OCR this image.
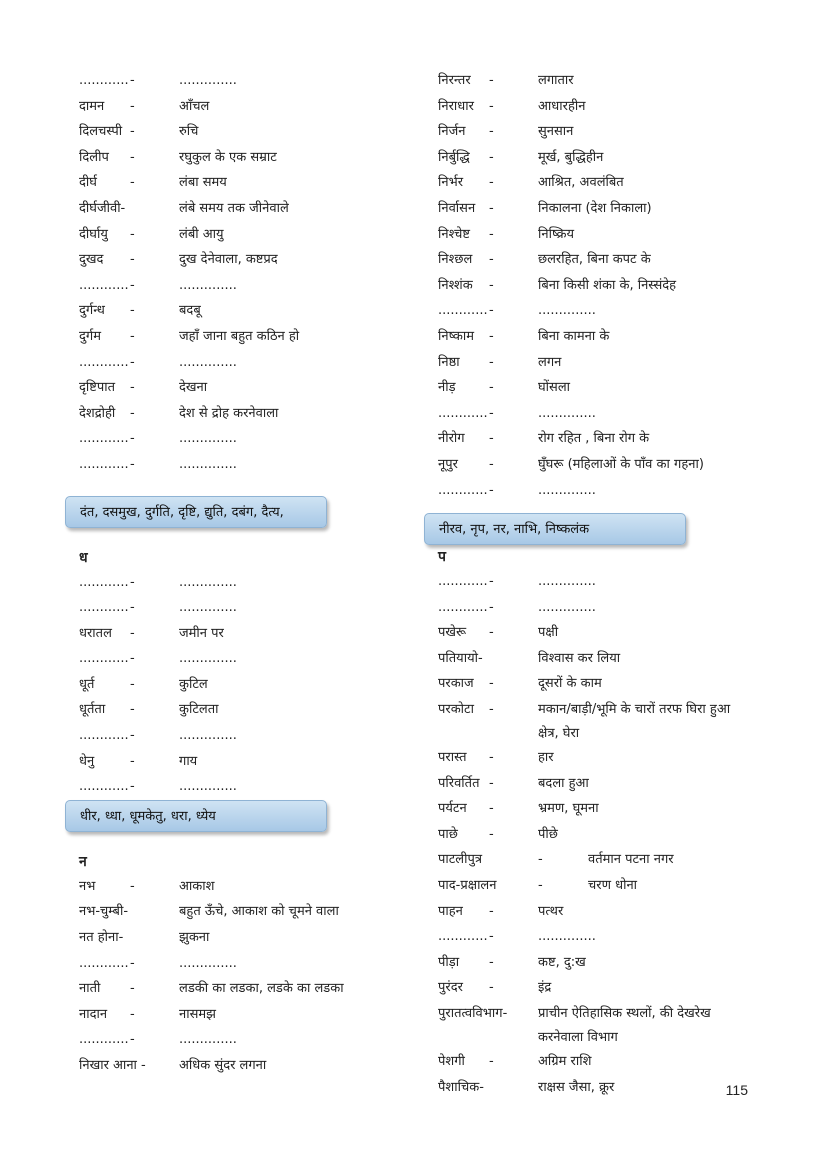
............ -	..............
दामन -	आँचल
दिलचस्पी -	रुचि
दिलीप -	रघुकुल के एक सम्राट
दीर्घ	-	लंबा समय
दीर्घजीवी-	लंबे समय तक जीनेवाले
दीर्घायु -	लंबी आयु
दुखद -	दुख देनेवाला, कष्टप्रद
............ -	..............
दुर्गन्ध -	बदबू
दुर्गम -	जहाँ जाना बहुत कठिन हो
............ -	..............
दृष्टिपात -	देखना
देशद्रोही -	देश से द्रोह करनेवाला
............ -	..............
............ -	..............
दंत, दसमुख, दुर्गति, दृष्टि, द्युति, दबंग, दैत्य,
ध
............ -	..............
............ -	..............
धरातल -	जमीन पर
............ -	..............
धूर्त	-	कुटिल
धूर्तता -	कुटिलता
............ -	..............
धेनु	-	गाय
............ -	..............
धीर, ध्धा, धूमकेतु, धरा, ध्येय
न
नभ	-	आकाश
नभ-चुम्बी-	बहुत ऊँचे, आकाश को चूमने वाला
नत होना-	झुकना
............ -	..............
नाती -	लडकी का लडका, लडके का लडका
नादान -	नासमझ
............ -	..............
निखार आना -	अधिक सुंदर लगना
निरन्तर -	लगातार
निराधार -	आधारहीन
निर्जन -	सुनसान
निर्बुद्धि -	मूर्ख, बुद्धिहीन
निर्भर -	आश्रित, अवलंबित
निर्वासन -	निकालना (देश निकाला)
निश्चेष्ट -	निष्क्रिय
निश्छल -	छलरहित, बिना कपट के
निश्शंक -	बिना किसी शंका के, निस्संदेह
............ -	..............
निष्काम -	बिना कामना के
निष्ठा -	लगन
नीड़	-	घोंसला
............ -	..............
नीरोग -	रोग रहित , बिना रोग के
नूपुर -	घुँघरू (महिलाओं के पाँव का गहना)
............ -	..............
नीरव, नृप, नर, नाभि, निष्कलंक
प
............ -	..............
............ -	..............
पखेरू -	पक्षी
पतियायो-	विश्वास कर लिया
परकाज -	दूसरों के काम
परकोटा -	मकान/बाड़ी/भूमि के चारों तरफ घिरा हुआ क्षेत्र, घेरा
परास्त -	हार
परिवर्तित -	बदला हुआ
पर्यटन -	भ्रमण, घूमना
पाछे -	पीछे
पाटलीपुत्र	-	वर्तमान पटना नगर
पाद-प्रक्षालन	-	चरण धोना
पाहन -	पत्थर
............ -	..............
पीड़ा -	कष्ट, दु:ख
पुरंदर -	इंद्र
पुरातत्वविभाग- प्राचीन ऐतिहासिक स्थलों, की देखरेख करनेवाला विभाग
पेशगी -	अग्रिम राशि
पैशाचिक-	राक्षस जैसा, क्रूर	115
